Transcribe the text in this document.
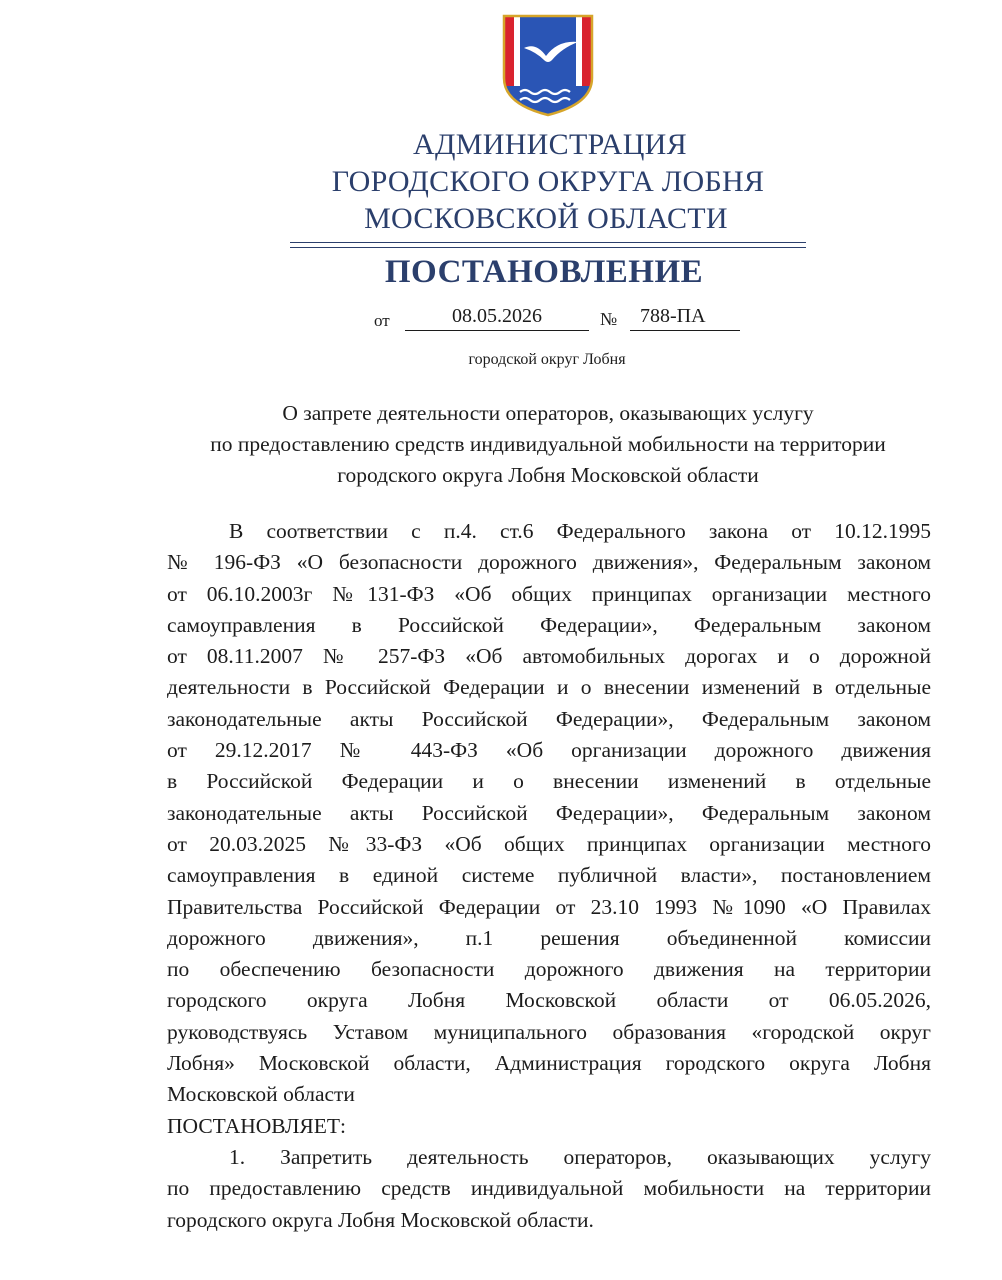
АДМИНИСТРАЦИЯ
ГОРОДСКОГО ОКРУГА ЛОБНЯ
МОСКОВСКОЙ ОБЛАСТИ
ПОСТАНОВЛЕНИЕ
от	08.05.2026	№	788-ПА
городской округ Лобня
О запрете деятельности операторов, оказывающих услугу
по предоставлению средств индивидуальной мобильности на территории
городского округа Лобня Московской области
В соответствии с п.4. ст.6 Федерального закона от 10.12.1995
№ 196-ФЗ «О безопасности дорожного движения», Федеральным законом
от 06.10.2003г №131-ФЗ «Об общих принципах организации местного
самоуправления в Российской Федерации», Федеральным законом
от 08.11.2007 № 257-ФЗ «Об автомобильных дорогах и о дорожной
деятельности в Российской Федерации и о внесении изменений в отдельные
законодательные акты Российской Федерации», Федеральным законом
от 29.12.2017 № 443-ФЗ «Об организации дорожного движения
в Российской Федерации и о внесении изменений в отдельные
законодательные акты Российской Федерации», Федеральным законом
от 20.03.2025 №33-ФЗ «Об общих принципах организации местного
самоуправления в единой системе публичной власти», постановлением
Правительства Российской Федерации от 23.10 1993 №1090 «О Правилах
дорожного движения», п.1 решения объединенной комиссии
по обеспечению безопасности дорожного движения на территории
городского округа Лобня Московской области от 06.05.2026,
руководствуясь Уставом муниципального образования «городской округ
Лобня» Московской области, Администрация городского округа Лобня
Московской области
ПОСТАНОВЛЯЕТ:
1. Запретить деятельность операторов, оказывающих услугу
по предоставлению средств индивидуальной мобильности на территории
городского округа Лобня Московской области.
